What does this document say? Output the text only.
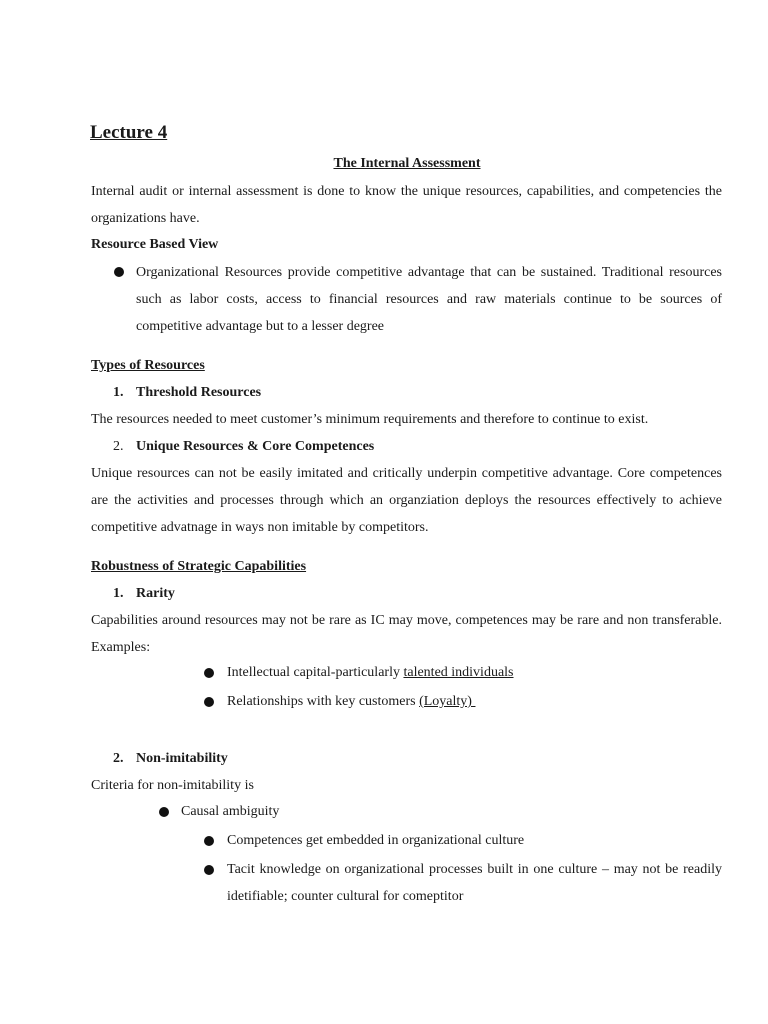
Lecture 4
The Internal Assessment
Internal audit or internal assessment is done to know the unique resources, capabilities, and competencies the organizations have.
Resource Based View
Organizational Resources provide competitive advantage that can be sustained. Traditional resources such as labor costs, access to financial resources and raw materials continue to be sources of competitive advantage but to a lesser degree
Types of Resources
1. Threshold Resources
The resources needed to meet customer’s minimum requirements and therefore to continue to exist.
2. Unique Resources & Core Competences
Unique resources can not be easily imitated and critically underpin competitive advantage. Core competences are the activities and processes through which an organziation deploys the resources effectively to achieve competitive advatnage in ways non imitable by competitors.
Robustness of Strategic Capabilities
1. Rarity
Capabilities around resources may not be rare as IC may move, competences may be rare and non transferable. Examples:
Intellectual capital-particularly talented individuals
Relationships with key customers (Loyalty)
2. Non-imitability
Criteria for non-imitability is
Causal ambiguity
Competences get embedded in organizational culture
Tacit knowledge on organizational processes built in one culture – may not be readily idetifiable; counter cultural for comeptitor
